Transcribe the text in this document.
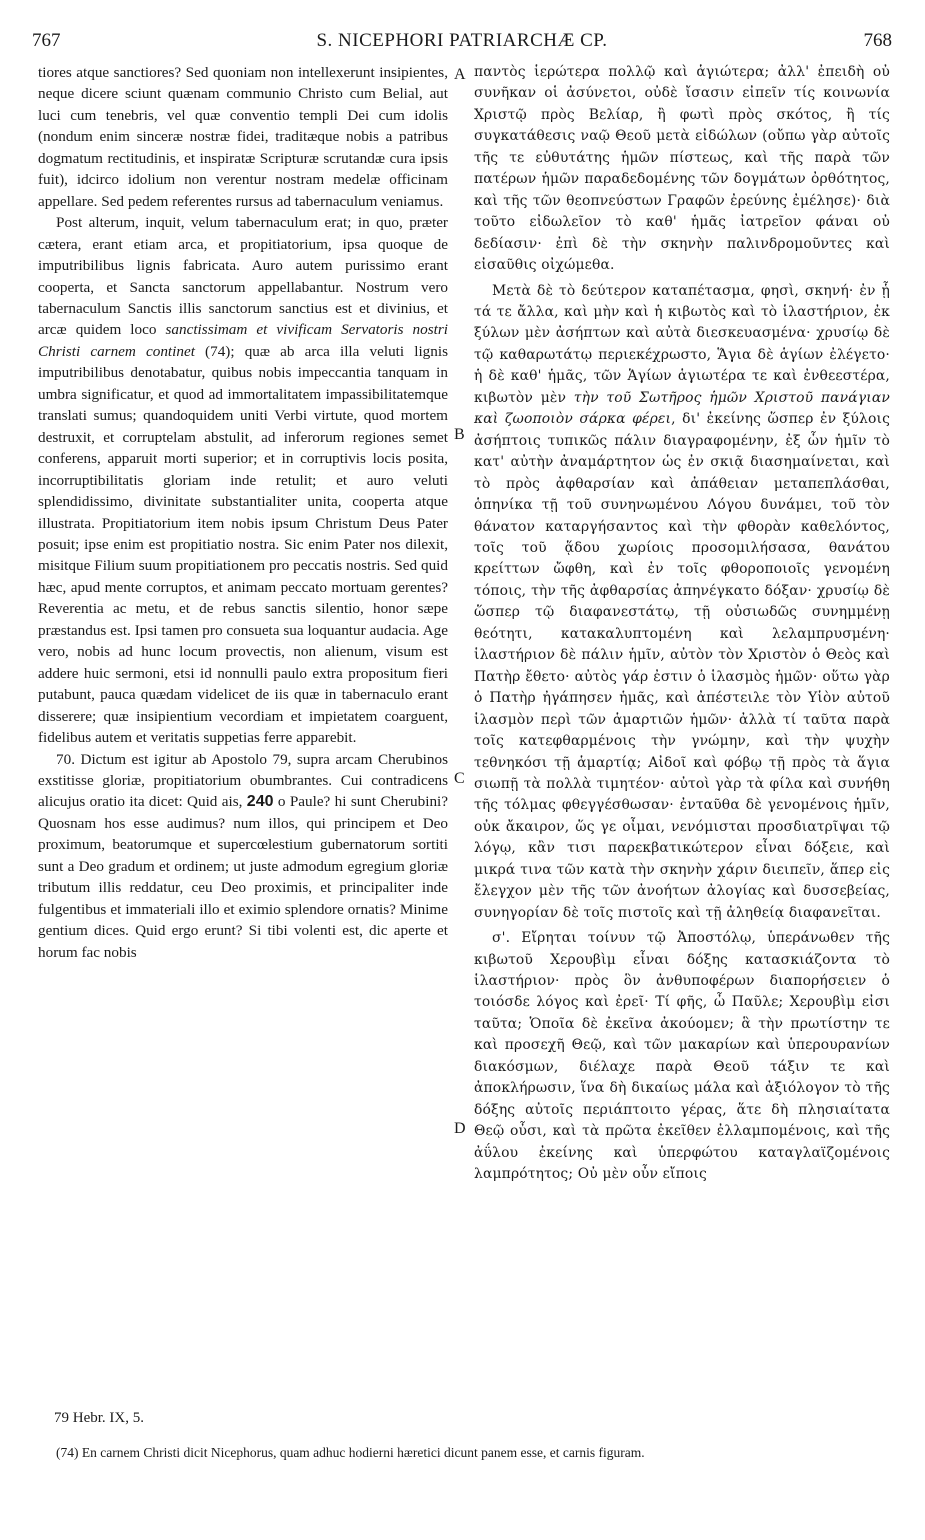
767	S. NICEPHORI PATRIARCHÆ CP.	768

tiores atque sanctiores? Sed quoniam non intellexerunt insipientes, neque dicere sciunt quænam communio Christo cum Belial, aut luci cum tenebris, vel quæ conventio templi Dei cum idolis (nondum enim sinceræ nostræ fidei, traditæque nobis a patribus dogmatum rectitudinis, et inspiratæ Scripturæ scrutandæ cura ipsis fuit), idcirco idolium non verentur nostram medelæ officinam appellare. Sed pedem referentes rursus ad tabernaculum veniamus.

Post alterum, inquit, velum tabernaculum erat; in quo, præter cætera, erant etiam arca, et propitiatorium, ipsa quoque de imputribilibus lignis fabricata. Auro autem purissimo erant cooperta, et Sancta sanctorum appellabantur. Nostrum vero tabernaculum Sanctis illis sanctorum sanctius est et divinius, et arcæ quidem loco sanctissimam et vivificam Servatoris nostri Christi carnem continet (74); quæ ab arca illa veluti lignis imputribilibus denotabatur, quibus nobis impeccantia tanquam in umbra significatur, et quod ad immortalitatem impassibilitatemque translati sumus; quandoquidem uniti Verbi virtute, quod mortem destruxit, et corruptelam abstulit, ad inferorum regiones semet conferens, apparuit morti superior; et in corruptivis locis posita, incorruptibilitatis gloriam inde retulit; et auro veluti splendidissimo, divinitate substantialiter unita, cooperta atque illustrata. Propitiatorium item nobis ipsum Christum Deus Pater posuit; ipse enim est propitiatio nostra. Sic enim Pater nos dilexit, misitque Filium suum propitiationem pro peccatis nostris. Sed quid hæc, apud mente corruptos, et animam peccato mortuam gerentes? Reverentia ac metu, et de rebus sanctis silentio, honor sæpe præstandus est. Ipsi tamen pro consueta sua loquantur audacia. Age vero, nobis ad hunc locum provectis, non alienum, visum est addere huic sermoni, etsi id nonnulli paulo extra propositum fieri putabunt, pauca quædam videlicet de iis quæ in tabernaculo erant disserere; quæ insipientium vecordiam et impietatem coarguent, fidelibus autem et veritatis suppetias ferre apparebit.

70. Dictum est igitur ab Apostolo 79, supra arcam Cherubinos exstitisse gloriæ, propitiatorium obumbrantes. Cui contradicens alicujus oratio ita dicet: Quid ais, 240 o Paule? hi sunt Cherubini? Quosnam hos esse audimus? num illos, qui principem et Deo proximum, beatorumque et supercœlestium gubernatorum sortiti sunt a Deo gradum et ordinem; ut juste admodum egregium gloriæ tributum illis reddatur, ceu Deo proximis, et principaliter inde fulgentibus et immateriali illo et eximio splendore ornatis? Minime gentium dices. Quid ergo erunt? Si tibi volenti est, dic aperte et horum fac nobis

A
B
C
D

παντὸς ἱερώτερα πολλῷ καὶ ἁγιώτερα; ἀλλ' ἐπειδὴ οὐ συνῆκαν οἱ ἀσύνετοι, οὐδὲ ἴσασιν εἰπεῖν τίς κοινωνία Χριστῷ πρὸς Βελίαρ, ἢ φωτὶ πρὸς σκότος, ἢ τίς συγκατάθεσις ναῷ Θεοῦ μετὰ εἰδώλων (οὔπω γὰρ αὐτοῖς τῆς τε εὐθυτάτης ἡμῶν πίστεως, καὶ τῆς παρὰ τῶν πατέρων ἡμῶν παραδεδομένης τῶν δογμάτων ὀρθότητος, καὶ τῆς τῶν θεοπνεύστων Γραφῶν ἐρεύνης ἐμέλησε)· διὰ τοῦτο εἰδωλεῖον τὸ καθ' ἡμᾶς ἰατρεῖον φάναι οὐ δεδίασιν· ἐπὶ δὲ τὴν σκηνὴν παλινδρομοῦντες καὶ εἰσαῦθις οἰχώμεθα.

Μετὰ δὲ τὸ δεύτερον καταπέτασμα, φησὶ, σκηνή· ἐν ᾗ τά τε ἄλλα, καὶ μὴν καὶ ἡ κιβωτὸς καὶ τὸ ἱλαστήριον, ἐκ ξύλων μὲν ἀσήπτων καὶ αὐτὰ διεσκευασμένα· χρυσίῳ δὲ τῷ καθαρωτάτῳ περιεκέχρωστο, Ἅγια δὲ ἁγίων ἐλέγετο· ἡ δὲ καθ' ἡμᾶς, τῶν Ἁγίων ἁγιωτέρα τε καὶ ἐνθεεστέρα, κιβωτὸν μὲν τὴν τοῦ Σωτῆρος ἡμῶν Χριστοῦ πανάγιαν καὶ ζωοποιὸν σάρκα φέρει, δι' ἐκείνης ὥσπερ ἐν ξύλοις ἀσήπτοις τυπικῶς πάλιν διαγραφομένην, ἐξ ὧν ἡμῖν τὸ κατ' αὐτὴν ἀναμάρτητον ὡς ἐν σκιᾷ διασημαίνεται, καὶ τὸ πρὸς ἀφθαρσίαν καὶ ἀπάθειαν μεταπεπλάσθαι, ὁπηνίκα τῇ τοῦ συνηνωμένου Λόγου δυνάμει, τοῦ τὸν θάνατον καταργήσαντος καὶ τὴν φθορὰν καθελόντος, τοῖς τοῦ ᾅδου χωρίοις προσομιλήσασα, θανάτου κρείττων ὤφθη, καὶ ἐν τοῖς φθοροποιοῖς γενομένη τόποις, τὴν τῆς ἀφθαρσίας ἀπηνέγκατο δόξαν· χρυσίῳ δὲ ὥσπερ τῷ διαφανεστάτῳ, τῇ οὐσιωδῶς συνημμένῃ θεότητι, κατακαλυπτομένη καὶ λελαμπρυσμένη· ἱλαστήριον δὲ πάλιν ἡμῖν, αὐτὸν τὸν Χριστὸν ὁ Θεὸς καὶ Πατὴρ ἔθετο· αὐτὸς γάρ ἐστιν ὁ ἱλασμὸς ἡμῶν· οὕτω γὰρ ὁ Πατὴρ ἠγάπησεν ἡμᾶς, καὶ ἀπέστειλε τὸν Υἱὸν αὐτοῦ ἱλασμὸν περὶ τῶν ἁμαρτιῶν ἡμῶν· ἀλλὰ τί ταῦτα παρὰ τοῖς κατεφθαρμένοις τὴν γνώμην, καὶ τὴν ψυχὴν τεθνηκόσι τῇ ἁμαρτίᾳ; Αἰδοῖ καὶ φόβῳ τῇ πρὸς τὰ ἅγια σιωπῇ τὰ πολλὰ τιμητέον· αὐτοὶ γὰρ τὰ φίλα καὶ συνήθη τῆς τόλμας φθεγγέσθωσαν· ἐνταῦθα δὲ γενομένοις ἡμῖν, οὐκ ἄκαιρον, ὥς γε οἶμαι, νενόμισται προσδιατρῖψαι τῷ λόγῳ, κἂν τισι παρεκβατικώτερον εἶναι δόξειε, καὶ μικρά τινα τῶν κατὰ τὴν σκηνὴν χάριν διειπεῖν, ἅπερ εἰς ἔλεγχον μὲν τῆς τῶν ἀνοήτων ἀλογίας καὶ δυσσεβείας, συνηγορίαν δὲ τοῖς πιστοῖς καὶ τῇ ἀληθείᾳ διαφανεῖται.

σ'. Εἴρηται τοίνυν τῷ Ἀποστόλῳ, ὑπεράνωθεν τῆς κιβωτοῦ Χερουβὶμ εἶναι δόξης κατασκιάζοντα τὸ ἱλαστήριον· πρὸς ὃν ἀνθυποφέρων διαπορήσειεν ὁ τοιόσδε λόγος καὶ ἐρεῖ· Τί φῆς, ὦ Παῦλε; Χερουβὶμ εἰσι ταῦτα; Ὁποῖα δὲ ἐκεῖνα ἀκούομεν; ἃ τὴν πρωτίστην τε καὶ προσεχῆ Θεῷ, καὶ τῶν μακαρίων καὶ ὑπερουρανίων διακόσμων, διέλαχε παρὰ Θεοῦ τάξιν τε καὶ ἀποκλήρωσιν, ἵνα δὴ δικαίως μάλα καὶ ἀξιόλογον τὸ τῆς δόξης αὐτοῖς περιάπτοιτο γέρας, ἅτε δὴ πλησιαίτατα Θεῷ οὖσι, καὶ τὰ πρῶτα ἐκεῖθεν ἐλλαμπομένοις, καὶ τῆς ἀΰλου ἐκείνης καὶ ὑπερφώτου καταγλαϊζομένοις λαμπρότητος; Οὐ μὲν οὖν εἴποις

79 Hebr. IX, 5.
(74) En carnem Christi dicit Nicephorus, quam adhuc hodierni hæretici dicunt panem esse, et carnis figuram.
